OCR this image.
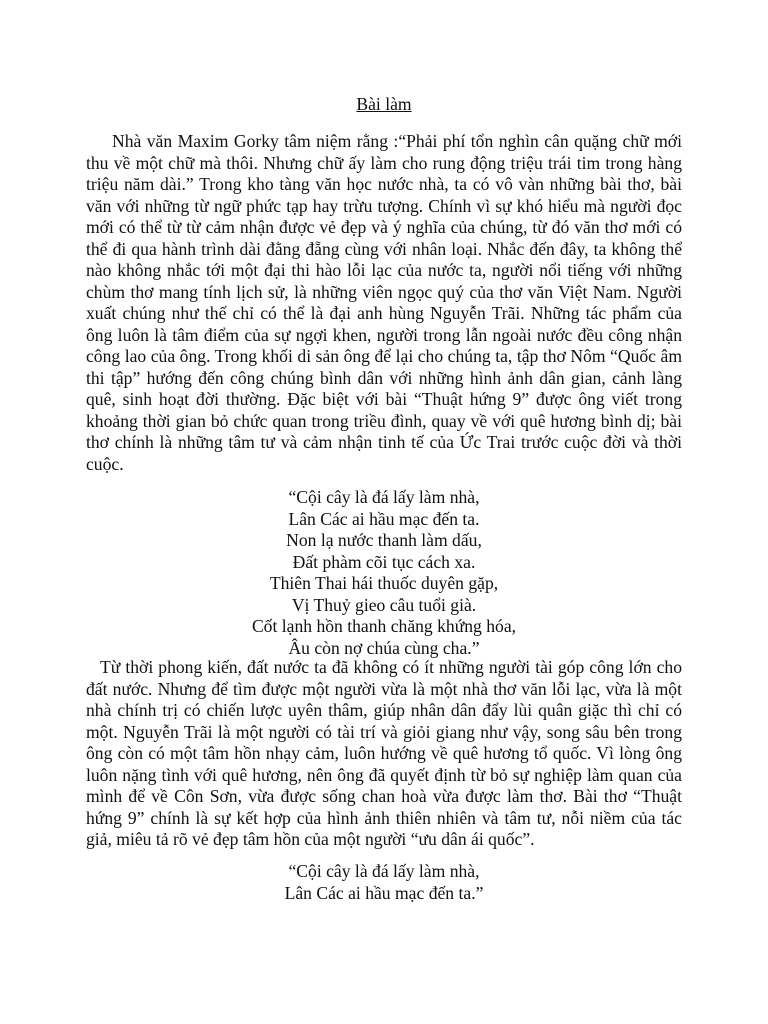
Bài làm

Nhà văn Maxim Gorky tâm niệm rằng :“Phải phí tổn nghìn cân quặng chữ mới thu về một chữ mà thôi. Nhưng chữ ấy làm cho rung động triệu trái tim trong hàng triệu năm dài.” Trong kho tàng văn học nước nhà, ta có vô vàn những bài thơ, bài văn với những từ ngữ phức tạp hay trừu tượng. Chính vì sự khó hiểu mà người đọc mới có thể từ từ cảm nhận được vẻ đẹp và ý nghĩa của chúng, từ đó văn thơ mới có thể đi qua hành trình dài đằng đẵng cùng với nhân loại. Nhắc đến đây, ta không thể nào không nhắc tới một đại thi hào lỗi lạc của nước ta, người nổi tiếng với những chùm thơ mang tính lịch sử, là những viên ngọc quý của thơ văn Việt Nam. Người xuất chúng như thế chỉ có thể là đại anh hùng Nguyễn Trãi. Những tác phẩm của ông luôn là tâm điểm của sự ngợi khen, người trong lẫn ngoài nước đều công nhận công lao của ông. Trong khối di sản ông để lại cho chúng ta, tập thơ Nôm “Quốc âm thi tập” hướng đến công chúng bình dân với những hình ảnh dân gian, cảnh làng quê, sinh hoạt đời thường. Đặc biệt với bài “Thuật hứng 9” được ông viết trong khoảng thời gian bỏ chức quan trong triều đình, quay về với quê hương bình dị; bài thơ chính là những tâm tư và cảm nhận tinh tế của Ức Trai trước cuộc đời và thời cuộc.

“Cội cây là đá lấy làm nhà,
Lân Các ai hầu mạc đến ta.
Non lạ nước thanh làm dấu,
Đất phàm cõi tục cách xa.
Thiên Thai hái thuốc duyên gặp,
Vị Thuỷ gieo câu tuổi già.
Cốt lạnh hồn thanh chăng khứng hóa,
Âu còn nợ chúa cùng cha.”

Từ thời phong kiến, đất nước ta đã không có ít những người tài góp công lớn cho đất nước. Nhưng để tìm được một người vừa là một nhà thơ văn lỗi lạc, vừa là một nhà chính trị có chiến lược uyên thâm, giúp nhân dân đẩy lùi quân giặc thì chỉ có một. Nguyễn Trãi là một người có tài trí và giỏi giang như vậy, song sâu bên trong ông còn có một tâm hồn nhạy cảm, luôn hướng về quê hương tổ quốc. Vì lòng ông luôn nặng tình với quê hương, nên ông đã quyết định từ bỏ sự nghiệp làm quan của mình để về Côn Sơn, vừa được sống chan hoà vừa được làm thơ. Bài thơ “Thuật hứng 9” chính là sự kết hợp của hình ảnh thiên nhiên và tâm tư, nỗi niềm của tác giả, miêu tả rõ vẻ đẹp tâm hồn của một người “ưu dân ái quốc”.

“Cội cây là đá lấy làm nhà,
Lân Các ai hầu mạc đến ta.”
